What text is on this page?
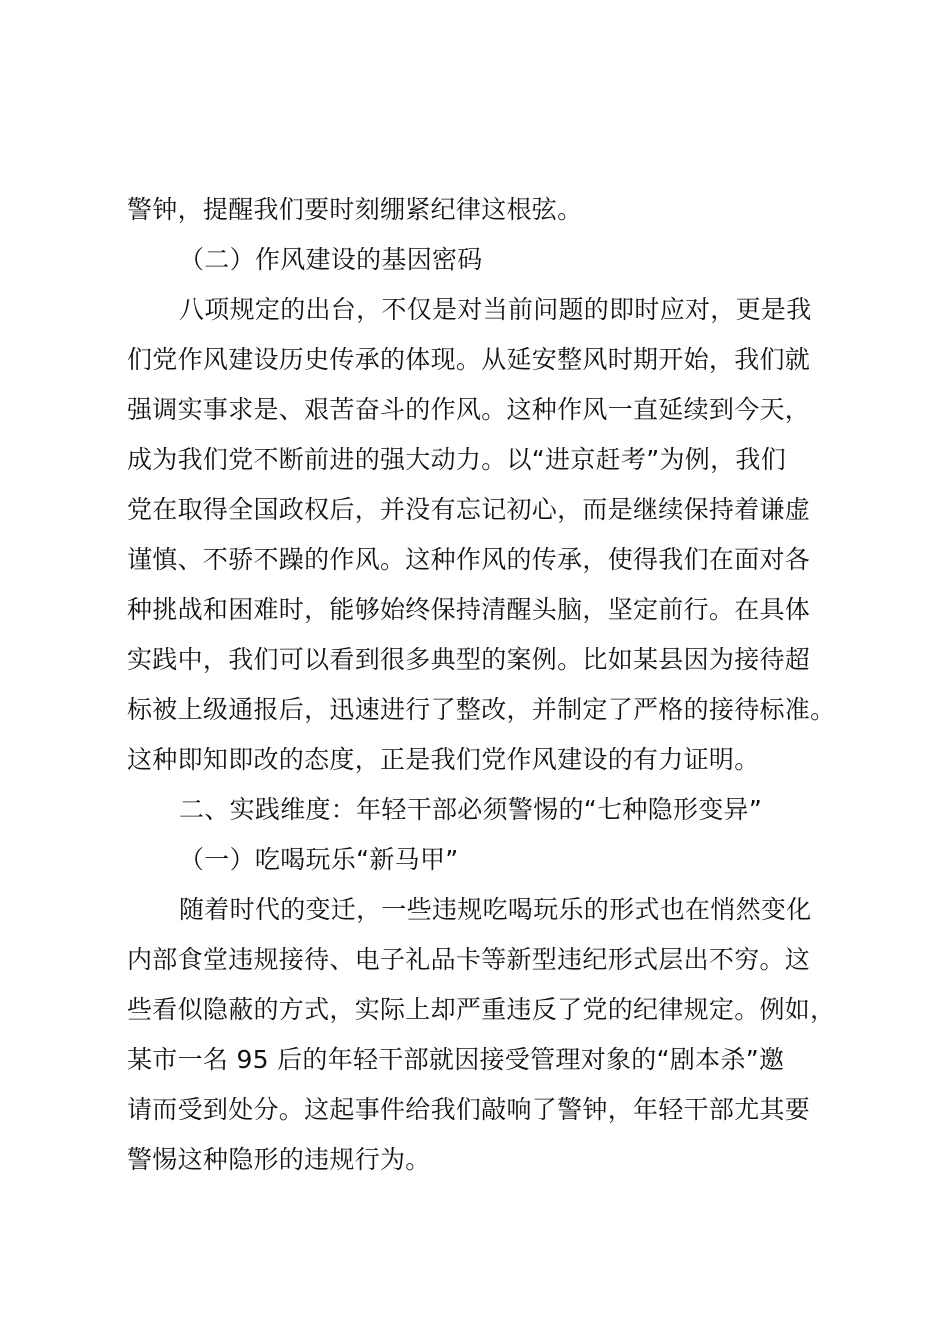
警钟，提醒我们要时刻绷紧纪律这根弦。
（二）作风建设的基因密码
八项规定的出台，不仅是对当前问题的即时应对，更是我
们党作风建设历史传承的体现。从延安整风时期开始，我们就
强调实事求是、艰苦奋斗的作风。这种作风一直延续到今天，
成为我们党不断前进的强大动力。以“进京赶考”为例，我们
党在取得全国政权后，并没有忘记初心，而是继续保持着谦虚
谨慎、不骄不躁的作风。这种作风的传承，使得我们在面对各
种挑战和困难时，能够始终保持清醒头脑，坚定前行。在具体
实践中，我们可以看到很多典型的案例。比如某县因为接待超
标被上级通报后，迅速进行了整改，并制定了严格的接待标准。
这种即知即改的态度，正是我们党作风建设的有力证明。
二、实践维度：年轻干部必须警惕的“七种隐形变异”
（一）吃喝玩乐“新马甲”
随着时代的变迁，一些违规吃喝玩乐的形式也在悄然变化
内部食堂违规接待、电子礼品卡等新型违纪形式层出不穷。这
些看似隐蔽的方式，实际上却严重违反了党的纪律规定。例如，
某市一名 95 后的年轻干部就因接受管理对象的“剧本杀”邀
请而受到处分。这起事件给我们敲响了警钟，年轻干部尤其要
警惕这种隐形的违规行为。
